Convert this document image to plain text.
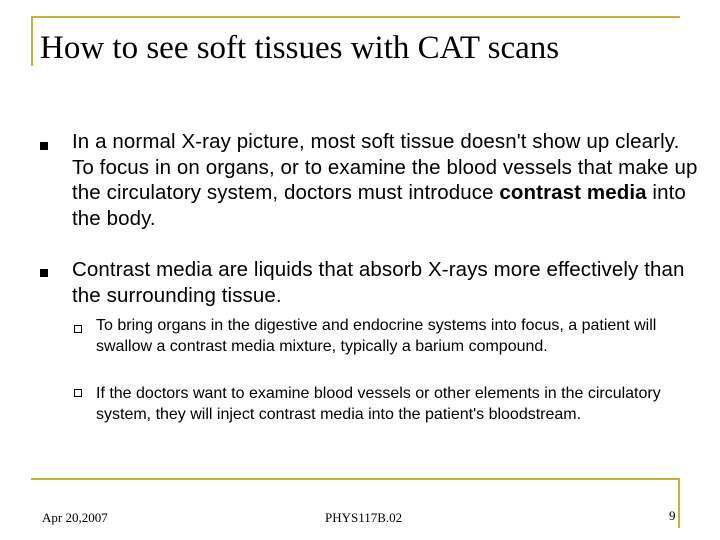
How to see soft tissues with CAT scans
In a normal X-ray picture, most soft tissue doesn't show up clearly. To focus in on organs, or to examine the blood vessels that make up the circulatory system, doctors must introduce contrast media into the body.
Contrast media are liquids that absorb X-rays more effectively than the surrounding tissue.
To bring organs in the digestive and endocrine systems into focus, a patient will swallow a contrast media mixture, typically a barium compound.
If the doctors want to examine blood vessels or other elements in the circulatory system, they will inject contrast media into the patient's bloodstream.
Apr 20,2007	PHYS117B.02	9
